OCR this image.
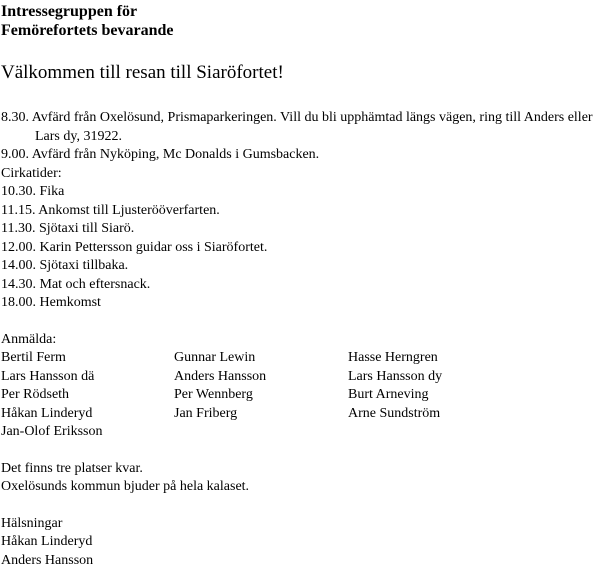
Intressegruppen för
Femörefortets bevarande
Välkommen till resan till Siaröfortet!
8.30. Avfärd från Oxelösund, Prismaparkeringen. Vill du bli upphämtad längs vägen, ring till Anders eller Lars dy, 31922.
9.00. Avfärd från Nyköping, Mc Donalds i Gumsbacken.
Cirkatider:
10.30. Fika
11.15. Ankomst till Ljusterööverfarten.
11.30. Sjötaxi till Siarö.
12.00. Karin Pettersson guidar oss i Siaröfortet.
14.00. Sjötaxi tillbaka.
14.30. Mat och eftersnack.
18.00. Hemkomst
Anmälda:
Bertil Ferm	Gunnar Lewin	Hasse Herngren
Lars Hansson dä	Anders Hansson	Lars Hansson dy
Per Rödseth	Per Wennberg	Burt Arneving
Håkan Linderyd	Jan Friberg	Arne Sundström
Jan-Olof Eriksson
Det finns tre platser kvar.
Oxelösunds kommun bjuder på hela kalaset.
Hälsningar
Håkan Linderyd
Anders Hansson
